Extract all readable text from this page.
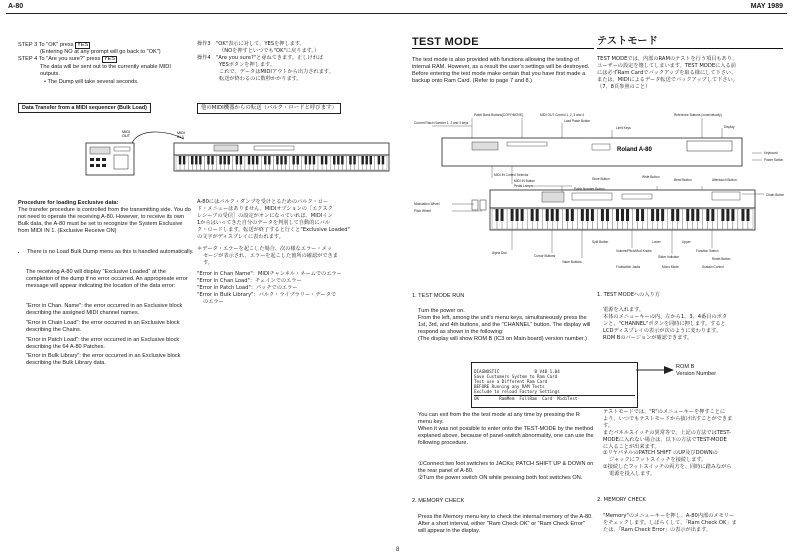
A-80	MAY 1989
STEP 3 To "OK" press YES
(Entering NO at any prompt will go back to "OK")
STEP 4 To "Are you sure?" press YES
The data will be sent out to the currently enable MIDI outputs.
• The Dump will take several seconds.
操作3　"OK"表示に対して、YESを押します。
（NOを押すといつでも"OK"に戻ります。）
操作4　"Are you sure?"と尋ねてきます。正しければ
YESボタンを押します。
これで、データはMIDIアウトから出力されます。
転送が終わるのに数秒かかります。
Data Transfer from a MIDI sequencer (Bulk Load)	他のMIDI機器からの転送（バルク・ロードと呼びます）
MIDI
OUT
MIDI
IN 1
Procedure for loading Exclusive data:
The transfer procedure is controlled from the transmitting side. You do not need to operate the receiving A-80. However, to receive its own Bulk data, the A-80 must be set to recognize the System Exclusive from MIDI IN 1. (Exclusive Receive ON)
• There is no Load Bulk Dump menu as this is handled automatically.
The receiving A-80 will display "Exclusive Loaded" at the completion of the dump if no error occurred. An appropreate error message will appear indicating the location of the data error:
"Error in Chan. Name": the error occurred in an Exclusive block describing the assigned MIDI channel names.
"Error in Chain Load": the error occurred in an Exclusive block describing the Chains.
"Error in Patch Load": the error occurred in an Exclusive block describing the 64 A-80 Patches.
"Error in Bulk Library": the error occurred in an Exclusive block describing the Bulk Library data.
A-80にはバルク・ダンプを受けとるためのバルク・ロー
ド・メニューはありません。MIDIオプションの［エクスク
レシーブの受信］の設定がオンになっていれば、MIDIイン
1からはいってきた自分のデータを判別して自動的にバル
ク・ロードします。転送が終了すると行くと"Exclusive Loaded"
の文字がディスプレイに表われます。
＊データ・エラーを起こした場合、次の様なエラー・メッ
セージが表示され、エラーを起こした箇所の確認ができま
す。
"Error in Chan Name"：MIDIチャンネル・ネームでのエラー
"Error in Chan Load"：チェインでのエラー
"Error in Patch Load"：パッチでのエラー
"Error in Bulk Library"：バルク・ライブラリー・データで
のエラー
TEST MODE	テストモード
The test mode is also provided with functions allowing the testing of internal RAM. However, as a result the user's settings will be destroyed. Before entering the test mode make certain that you have first made a backup onto Ram Card. (Refer to page 7 and 8.)
TEST MODEでは、内部のRAMのテストを行う項目もあり、
ユーザーの設定を壊してしまいます。TEST MODEに入る前
には必ずRam Cardでバックアップを取る様にして下さい。
または、MIDIによるデータ転送でバックアップして下さい。
（7、8頁参照のこと）
Roland A-80
Patch Bank Buttons[COPY/MOVE]	MIDI OUT Control 1, 2, 3 and 4	Reference Buttons (zone/velocity)
Current Patch Number 1, 2 and 3 keys	Load Patch Button
Limit Keys	Display
MIDI IN Control Selector
MIDI IN Button
Pedal Lamps
Keyboard
Power Switch
Modulation Wheel
Pitch Wheel
Store Button	Write Button
Bend Button	Aftertouch Button
Patch Number Button
Chain Button
Alpha Dial
Cursor Buttons
Value Buttons
Volume/Pitch/Mod Knobs
Slider Indicator
Function Switch
Footswitch Jacks	Mono Mode	Sustain Control
Reset Button
Split Button	Lower	Upper
1. TEST MODE RUN	1. TEST MODEへの入り方
Turn the power on.
From the left, among the unit's menu keys, simultaneously press the 1st, 3rd, and 4th buttons, and the "CHANNEL" button. The display will respond as shown in the following:
(The display will show ROM B (IC3 on Main board) version number.)
電源を入れます。
本体のメニューキーの内、左から1、3、4番目のボタ
ンと、"CHANNEL"ボタンを同時に押します。すると
LCDディスプレイの表示が次のように変わります。
ROM Bのバージョンが確認できます。

DIAGNOSTIC              B V48 1.04
Save Customers System to Ram Card
Test use a Different Ram Card
BEFORE Running any RAM Tests
Exclude to reload Factory Settings
OK        RamMem  FullRam  Card  MidiTest

ROM B
Version Number
You can exit from the the test mode at any time by pressing the R menu key.
When it was not possible to enter onto the TEST-MODE by the method explaned above, because of panel-switch abnormality, one can use the following procedure.
①Connect two foot switches to JACKs; PATCH SHIFT UP & DOWN on the rear panel of A-80.
②Turn the power switch ON while pressing both foot switches ON.
テストモードでは、"R"のメニューキーを押すことに
より、いつでもテストモードから抜け出すことができま
す。
またパネルスイッチの異常等で、上記の方法ではTEST-
MODEに入れない場合は、以下の方法でTEST-MODE
に入ることが出来ます。
①リヤパネルのPATCH SHIFT のUP及びDOWNの
ジャックにフットスイッチを接続します。
②接続したフットスイッチの両方を、同時に踏みながら
電源を投入します。
2. MEMORY CHECK	2. MEMORY CHECK
Press the Memory menu key to check the internal memory of the A-80. After a short interval, either "Ram Check OK" or "Ram Check Error" will appear in the display.
"Memory"のメニューキーを押し、A-80内部のメモリー
をチェックします。しばらくして、「Ram Check OK」ま
たは、「Ram Check Error」の表示が出ます。
8
